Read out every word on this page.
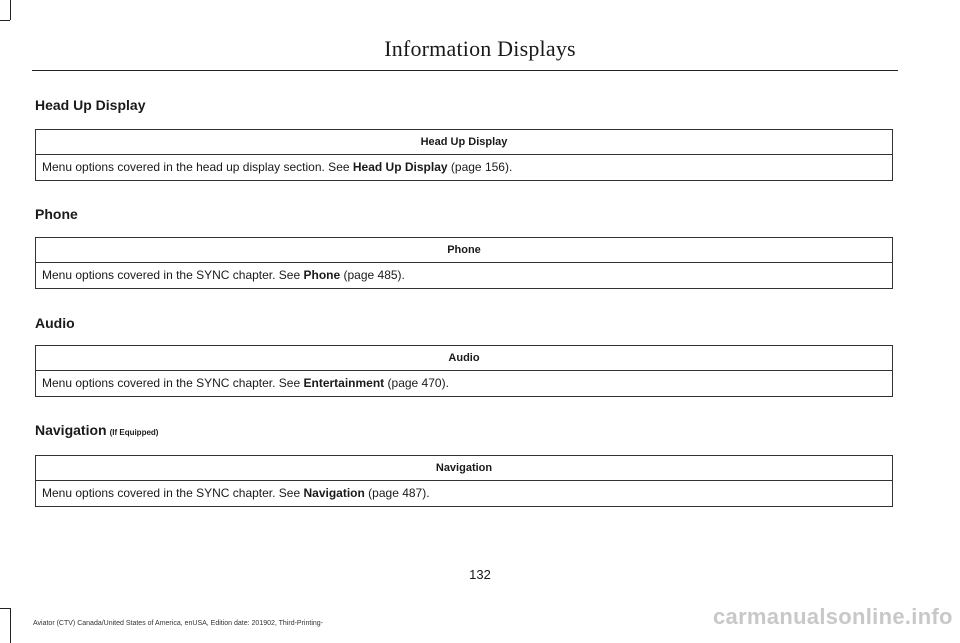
Information Displays
Head Up Display
Head Up Display
Menu options covered in the head up display section. See Head Up Display (page 156).
Phone
Phone
Menu options covered in the SYNC chapter. See Phone (page 485).
Audio
Audio
Menu options covered in the SYNC chapter. See Entertainment (page 470).
Navigation (If Equipped)
Navigation
Menu options covered in the SYNC chapter. See Navigation (page 487).
132
Aviator (CTV) Canada/United States of America, enUSA, Edition date: 201902, Third-Printing-	carmanualsonline.info
